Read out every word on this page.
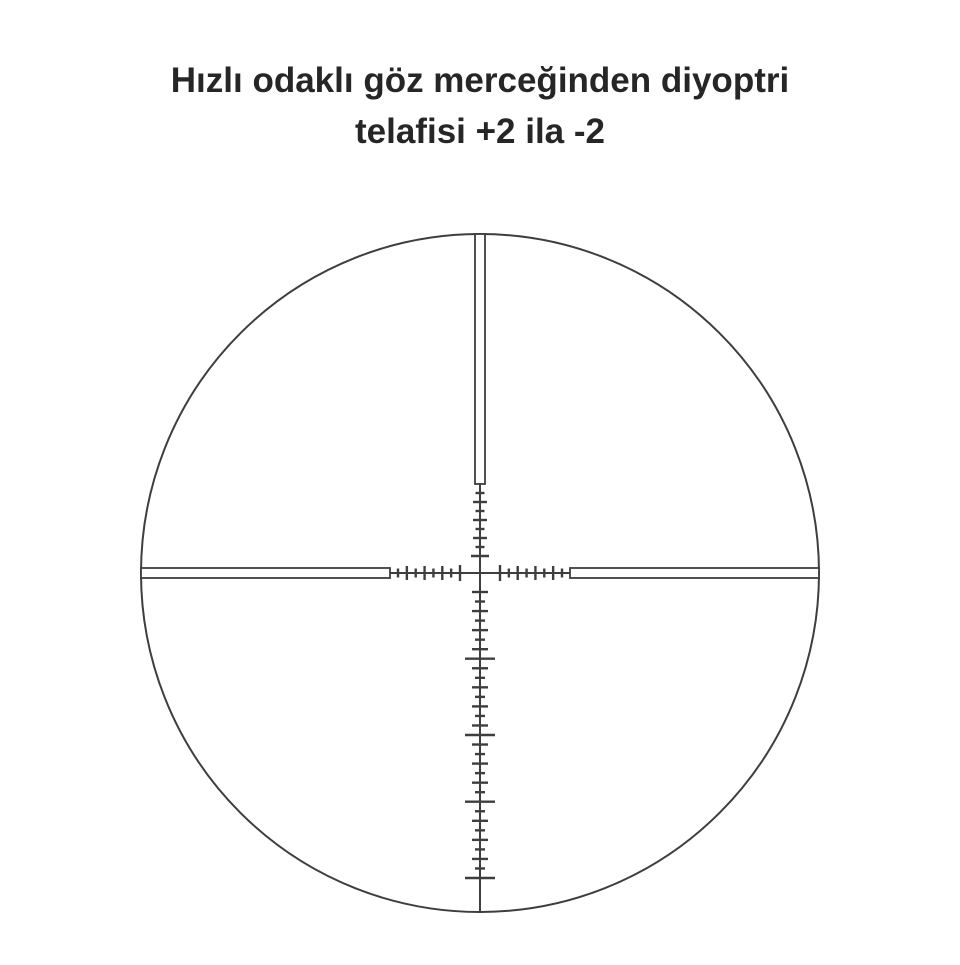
Hızlı odaklı göz merceğinden diyoptri
telafisi +2 ila -2
